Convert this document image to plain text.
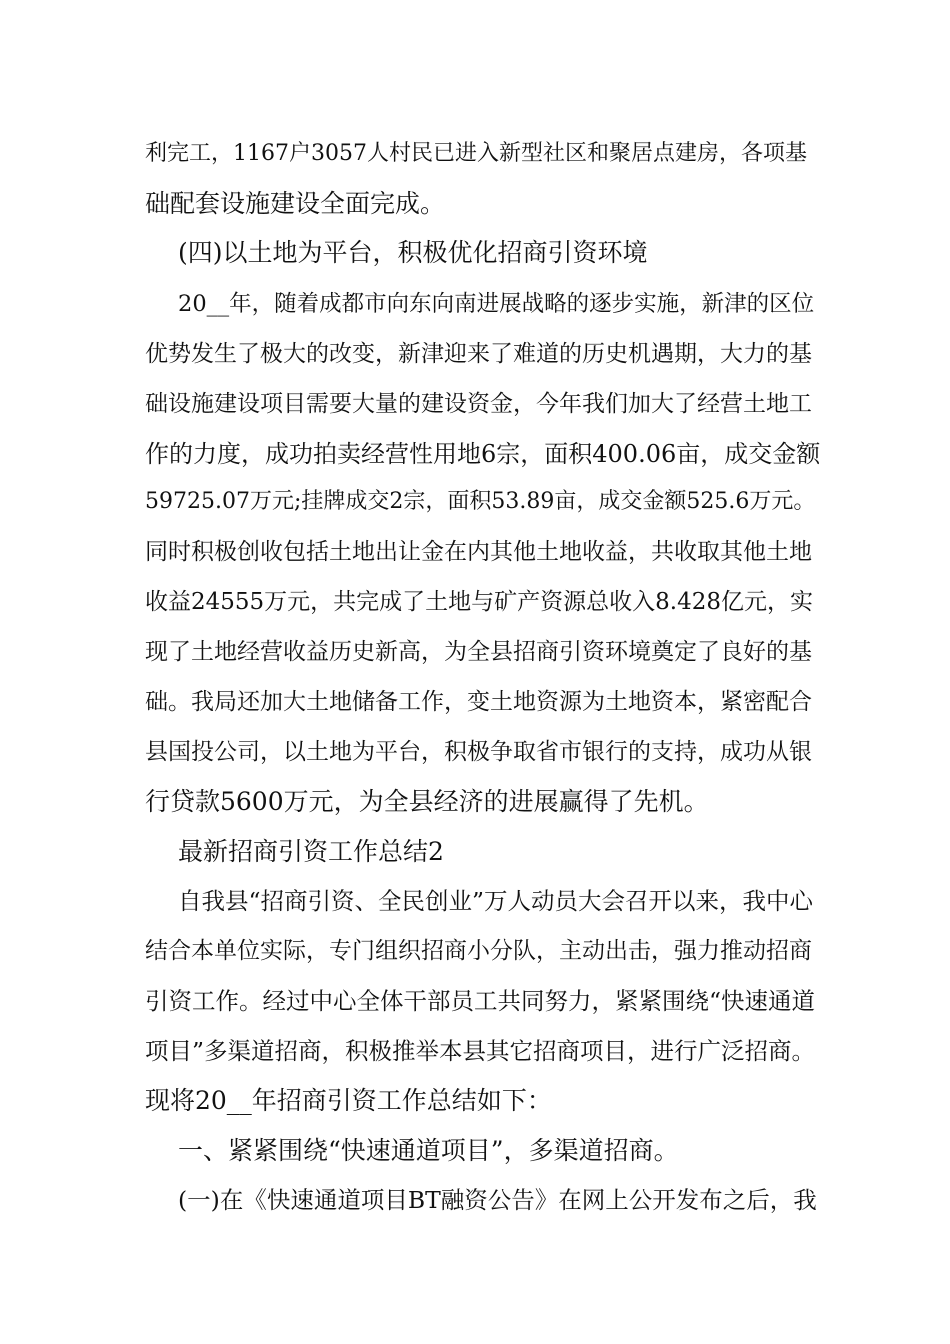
利完工，1167户3057人村民已进入新型社区和聚居点建房，各项基
础配套设施建设全面完成。
(四)以土地为平台，积极优化招商引资环境
20__年，随着成都市向东向南进展战略的逐步实施，新津的区位
优势发生了极大的改变，新津迎来了难道的历史机遇期，大力的基
础设施建设项目需要大量的建设资金，今年我们加大了经营土地工
作的力度，成功拍卖经营性用地6宗，面积400.06亩，成交金额
59725.07万元;挂牌成交2宗，面积53.89亩，成交金额525.6万元。
同时积极创收包括土地出让金在内其他土地收益，共收取其他土地
收益24555万元，共完成了土地与矿产资源总收入8.428亿元，实
现了土地经营收益历史新高，为全县招商引资环境奠定了良好的基
础。我局还加大土地储备工作，变土地资源为土地资本，紧密配合
县国投公司，以土地为平台，积极争取省市银行的支持，成功从银
行贷款5600万元，为全县经济的进展赢得了先机。
最新招商引资工作总结2
自我县“招商引资、全民创业”万人动员大会召开以来，我中心
结合本单位实际，专门组织招商小分队，主动出击，强力推动招商
引资工作。经过中心全体干部员工共同努力，紧紧围绕“快速通道
项目”多渠道招商，积极推举本县其它招商项目，进行广泛招商。
现将20__年招商引资工作总结如下：
一、紧紧围绕“快速通道项目”，多渠道招商。
(一)在《快速通道项目BT融资公告》在网上公开发布之后，我
